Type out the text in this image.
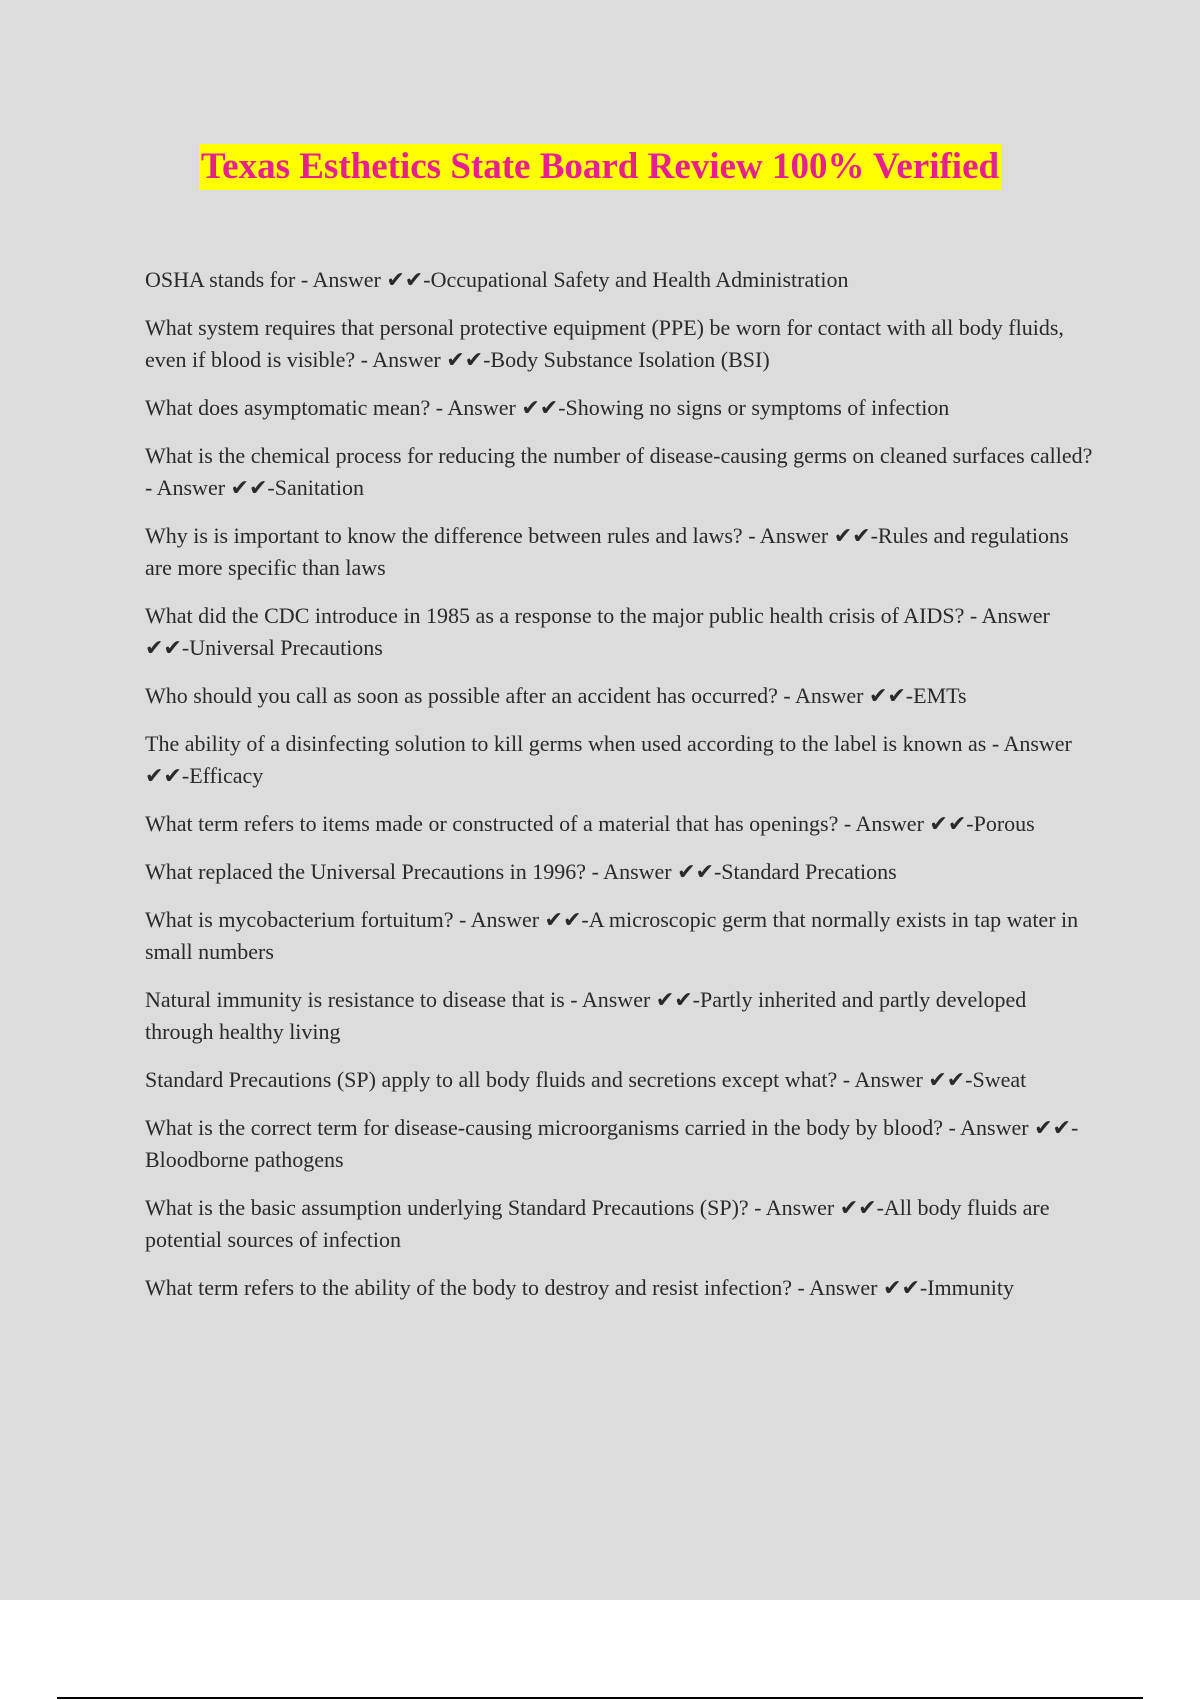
Texas Esthetics State Board Review 100% Verified
OSHA stands for - Answer ✔✔-Occupational Safety and Health Administration
What system requires that personal protective equipment (PPE) be worn for contact with all body fluids, even if blood is visible? - Answer ✔✔-Body Substance Isolation (BSI)
What does asymptomatic mean? - Answer ✔✔-Showing no signs or symptoms of infection
What is the chemical process for reducing the number of disease-causing germs on cleaned surfaces called? - Answer ✔✔-Sanitation
Why is is important to know the difference between rules and laws? - Answer ✔✔-Rules and regulations are more specific than laws
What did the CDC introduce in 1985 as a response to the major public health crisis of AIDS? - Answer ✔✔-Universal Precautions
Who should you call as soon as possible after an accident has occurred? - Answer ✔✔-EMTs
The ability of a disinfecting solution to kill germs when used according to the label is known as - Answer ✔✔-Efficacy
What term refers to items made or constructed of a material that has openings? - Answer ✔✔-Porous
What replaced the Universal Precautions in 1996? - Answer ✔✔-Standard Precations
What is mycobacterium fortuitum? - Answer ✔✔-A microscopic germ that normally exists in tap water in small numbers
Natural immunity is resistance to disease that is - Answer ✔✔-Partly inherited and partly developed through healthy living
Standard Precautions (SP) apply to all body fluids and secretions except what? - Answer ✔✔-Sweat
What is the correct term for disease-causing microorganisms carried in the body by blood? - Answer ✔✔-Bloodborne pathogens
What is the basic assumption underlying Standard Precautions (SP)? - Answer ✔✔-All body fluids are potential sources of infection
What term refers to the ability of the body to destroy and resist infection? - Answer ✔✔-Immunity
